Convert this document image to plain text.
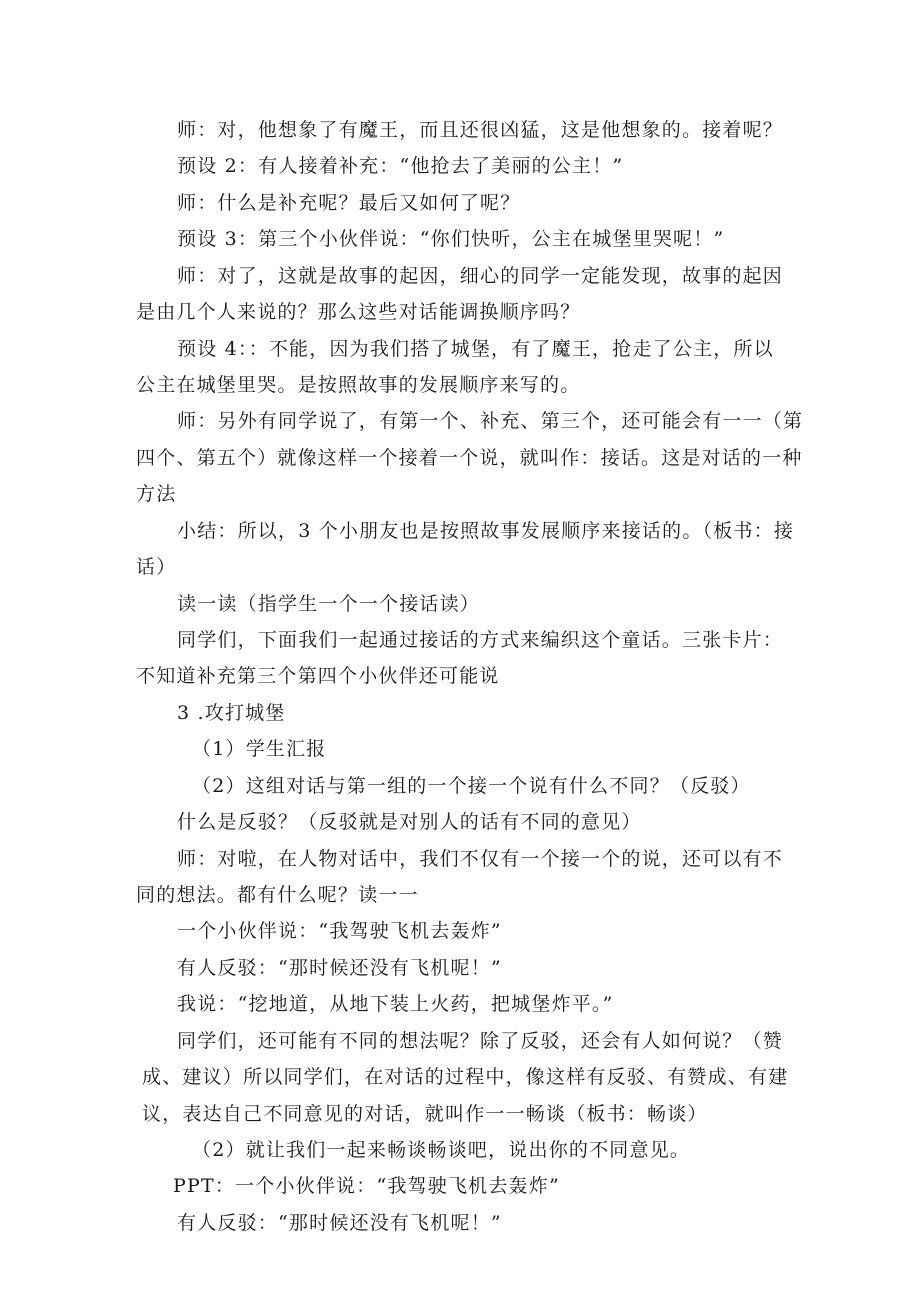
师：对，他想象了有魔王，而且还很凶猛，这是他想象的。接着呢？
预设 2：有人接着补充：“他抢去了美丽的公主！”
师：什么是补充呢？最后又如何了呢？
预设 3：第三个小伙伴说：“你们快听，公主在城堡里哭呢！”
师：对了，这就是故事的起因，细心的同学一定能发现，故事的起因
是由几个人来说的？那么这些对话能调换顺序吗？
预设 4：：不能，因为我们搭了城堡，有了魔王，抢走了公主，所以
公主在城堡里哭。是按照故事的发展顺序来写的。
师：另外有同学说了，有第一个、补充、第三个，还可能会有一一（第
四个、第五个）就像这样一个接着一个说，就叫作：接话。这是对话的一种
方法
小结：所以，3 个小朋友也是按照故事发展顺序来接话的。（板书：接
话）
读一读（指学生一个一个接话读）
同学们，下面我们一起通过接话的方式来编织这个童话。三张卡片：
不知道补充第三个第四个小伙伴还可能说
3 .攻打城堡
（1）学生汇报
（2）这组对话与第一组的一个接一个说有什么不同？（反驳）
什么是反驳？（反驳就是对别人的话有不同的意见）
师：对啦，在人物对话中，我们不仅有一个接一个的说，还可以有不
同的想法。都有什么呢？读一一
一个小伙伴说：“我驾驶飞机去轰炸”
有人反驳：“那时候还没有飞机呢！”
我说：“挖地道，从地下装上火药，把城堡炸平。”
同学们，还可能有不同的想法呢？除了反驳，还会有人如何说？（赞
成、建议）所以同学们，在对话的过程中，像这样有反驳、有赞成、有建
议，表达自己不同意见的对话，就叫作一一畅谈（板书：畅谈）
（2）就让我们一起来畅谈畅谈吧，说出你的不同意见。
PPT：一个小伙伴说：“我驾驶飞机去轰炸”
有人反驳：“那时候还没有飞机呢！”
